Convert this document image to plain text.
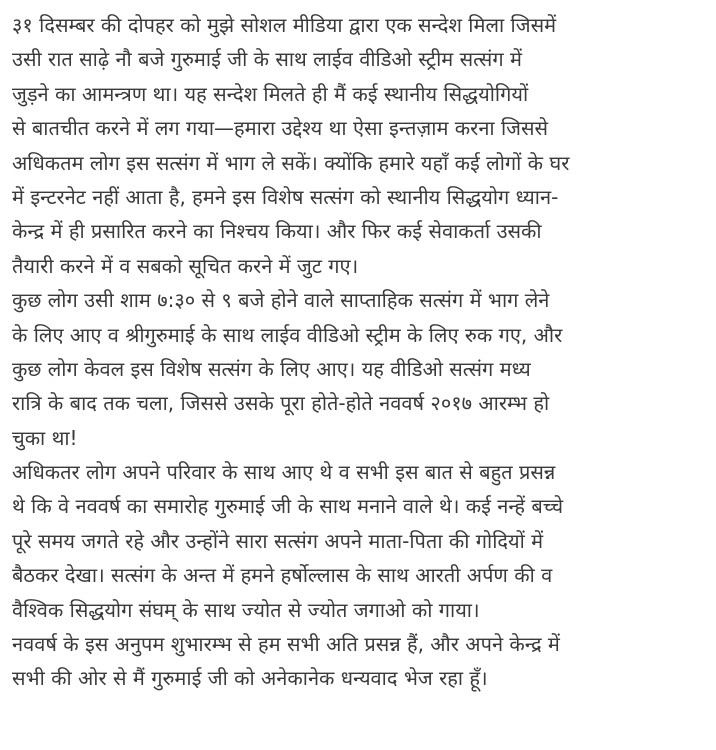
३१ दिसम्बर की दोपहर को मुझे सोशल मीडिया द्वारा एक सन्देश मिला जिसमें
उसी रात साढ़े नौ बजे गुरुमाई जी के साथ लाईव वीडिओ स्ट्रीम सत्संग में
जुड़ने का आमन्त्रण था। यह सन्देश मिलते ही मैं कई स्थानीय सिद्धयोगियों
से बातचीत करने में लग गया—हमारा उद्देश्य था ऐसा इन्तज़ाम करना जिससे
अधिकतम लोग इस सत्संग में भाग ले सकें। क्योंकि हमारे यहाँ कई लोगों के घर
में इन्टरनेट नहीं आता है, हमने इस विशेष सत्संग को स्थानीय सिद्धयोग ध्यान-
केन्द्र में ही प्रसारित करने का निश्चय किया। और फिर कई सेवाकर्ता उसकी
तैयारी करने में व सबको सूचित करने में जुट गए।
कुछ लोग उसी शाम ७:३० से ९ बजे होने वाले साप्ताहिक सत्संग में भाग लेने
के लिए आए व श्रीगुरुमाई के साथ लाईव वीडिओ स्ट्रीम के लिए रुक गए, और
कुछ लोग केवल इस विशेष सत्संग के लिए आए। यह वीडिओ सत्संग मध्य
रात्रि के बाद तक चला, जिससे उसके पूरा होते-होते नववर्ष २०१७ आरम्भ हो
चुका था!
अधिकतर लोग अपने परिवार के साथ आए थे व सभी इस बात से बहुत प्रसन्न
थे कि वे नववर्ष का समारोह गुरुमाई जी के साथ मनाने वाले थे। कई नन्हें बच्चे
पूरे समय जगते रहे और उन्होंने सारा सत्संग अपने माता-पिता की गोदियों में
बैठकर देखा। सत्संग के अन्त में हमने हर्षोल्लास के साथ आरती अर्पण की व
वैश्विक सिद्धयोग संघम् के साथ ज्योत से ज्योत जगाओ को गाया।
नववर्ष के इस अनुपम शुभारम्भ से हम सभी अति प्रसन्न हैं, और अपने केन्द्र में
सभी की ओर से मैं गुरुमाई जी को अनेकानेक धन्यवाद भेज रहा हूँ।
